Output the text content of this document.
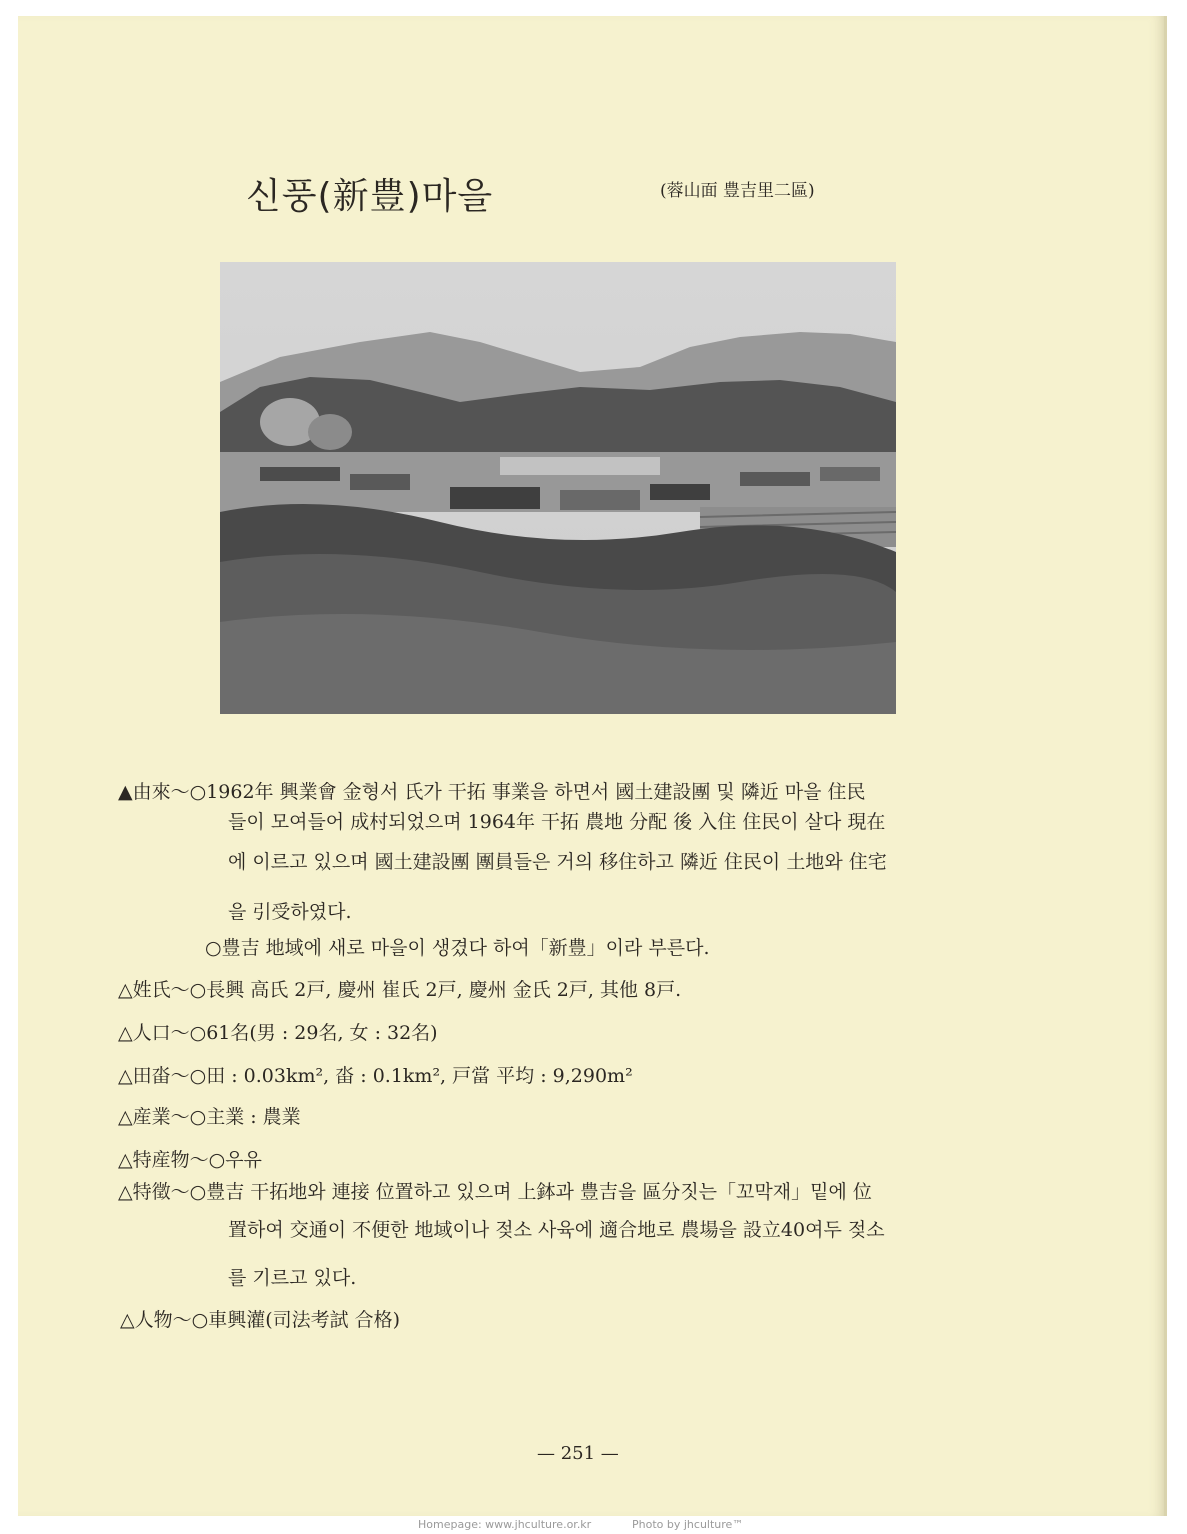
신풍(新豊)마을	(蓉山面 豊吉里二區)
▲由來～○1962年 興業會 金형서 氏가 干拓 事業을 하면서 國土建設團 및 隣近 마을 住民
들이 모여들어 成村되었으며 1964年 干拓 農地 分配 後 入住 住民이 살다 現在
에 이르고 있으며 國土建設團 團員들은 거의 移住하고 隣近 住民이 土地와 住宅
을 引受하였다.
○豊吉 地域에 새로 마을이 생겼다 하여「新豊」이라 부른다.
△姓氏～○長興 高氏 2戸, 慶州 崔氏 2戸, 慶州 金氏 2戸, 其他 8戸.
△人口～○61名(男 : 29名, 女 : 32名)
△田畓～○田 : 0.03km², 畓 : 0.1km², 戸當 平均 : 9,290m²
△産業～○主業 : 農業
△特産物～○우유
△特徵～○豊吉 干拓地와 連接 位置하고 있으며 上鉢과 豊吉을 區分짓는「꼬막재」밑에 位
置하여 交通이 不便한 地域이나 젖소 사육에 適合地로 農場을 設立40여두 젖소
를 기르고 있다.
△人物～○車興灌(司法考試 合格)
— 251 —
Homepage: www.jhculture.or.kr	Photo by jhculture™
